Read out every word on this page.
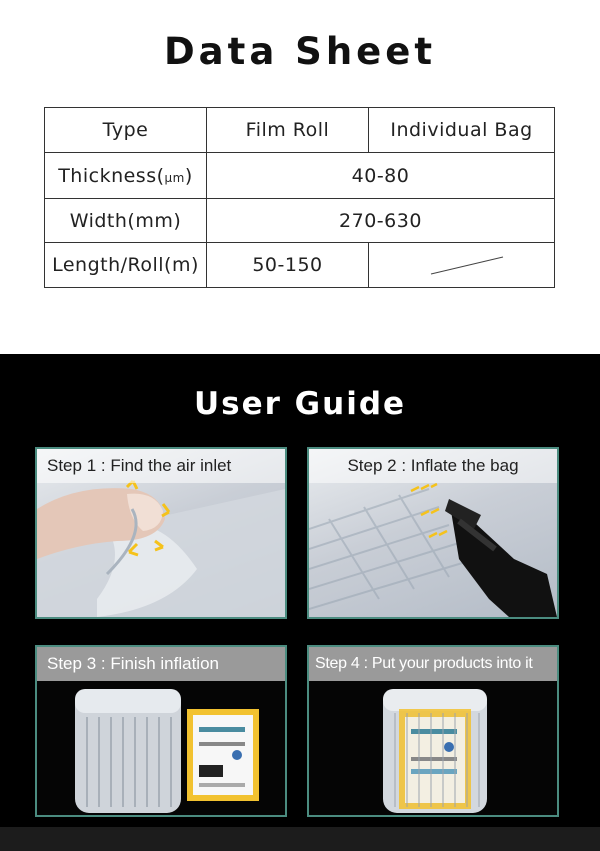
Data Sheet
Type	Film Roll	Individual Bag
Thickness(μm)	40-80	
Width(mm)	270-630	
Length/Roll(m)	50-150	
User Guide
Step 1 : Find the air inlet	Step 2 : Inflate the bag
Step 3 : Finish inflation	Step 4 : Put your products into it
